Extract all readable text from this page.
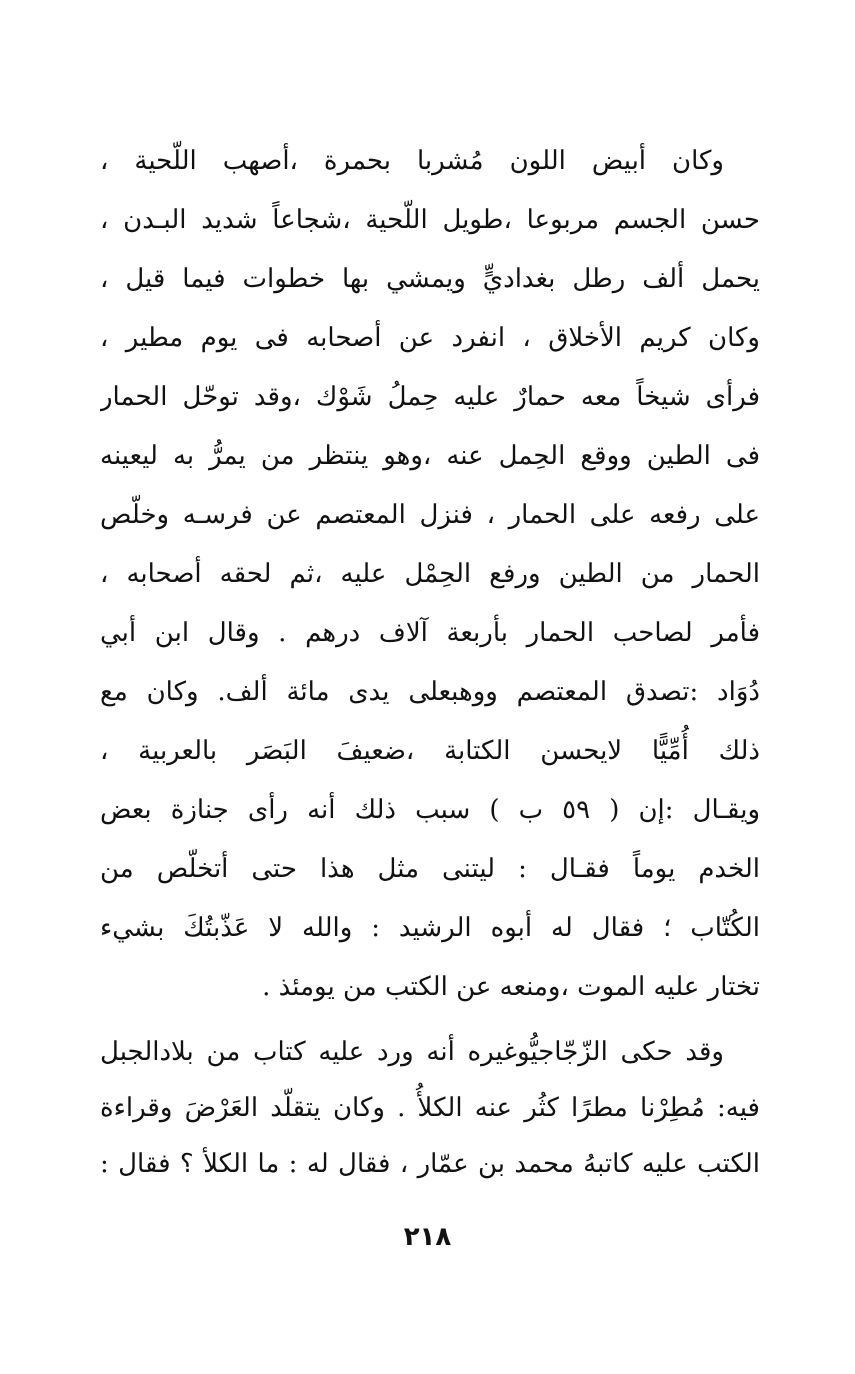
وكان أبيض اللون مُشربا بحمرة ،أصهب اللّحية ،
حسن الجسم مربوعا ،طويل اللّحية ،شجاعاً شديد البـدن ،
يحمل ألف رطل بغداديٍّ ويمشي بها خطوات فيما قيل ،
وكان كريم الأخلاق ، انفرد عن أصحابه فى يوم مطير ،
فرأى شيخاً معه حمارٌ عليه حِملُ شَوْك ،وقد توحّل الحمار
فى الطين ووقع الحِمل عنه ،وهو ينتظر من يمرُّ به ليعينه
على رفعه على الحمار ، فنزل المعتصم عن فرسـه وخلّص
الحمار من الطين ورفع الحِمْل عليه ،ثم لحقه أصحابه ،
فأمر لصاحب الحمار بأربعة آلاف درهم . وقال ابن أبي
دُوَاد :تصدق المعتصم ووهبعلى يدى مائة ألف. وكان مع
ذلك أُمِّيًّا لايحسن الكتابة ،ضعيفَ البَصَر بالعربية ،
ويقـال :إن ( ٥٩ ب ) سبب ذلك أنه رأى جنازة بعض
الخدم يوماً فقـال : ليتنى مثل هذا حتى أتخلّص من
الكُتّاب ؛ فقال له أبوه الرشيد : والله لا عَذّبتُكَ بشيء
تختار عليه الموت ،ومنعه عن الكتب من يومئذ .
وقد حكى الزّجّاجيُّوغيره أنه ورد عليه كتاب من بلادالجبل
فيه: مُطِرْنا مطرًا كثُر عنه الكلأُ . وكان يتقلّد العَرْضَ وقراءة
الكتب عليه كاتبهُ محمد بن عمّار ، فقال له : ما الكلأ ؟ فقال :
٢١٨
